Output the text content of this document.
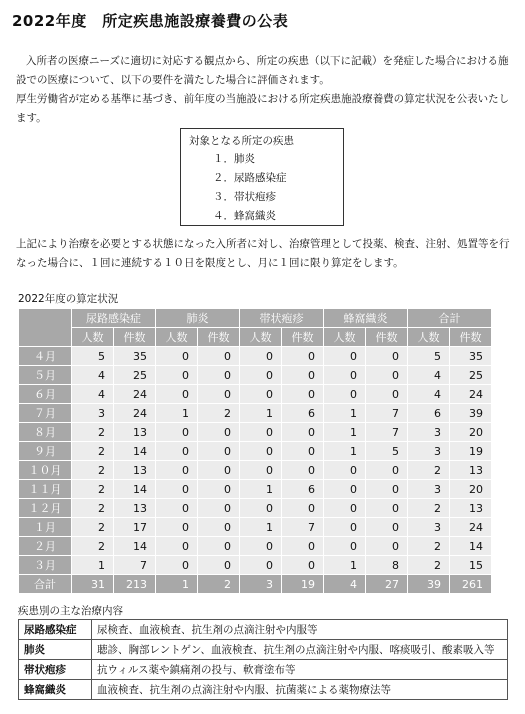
2022年度　所定疾患施設療養費の公表
入所者の医療ニーズに適切に対応する観点から、所定の疾患（以下に記載）を発症した場合における施設での医療について、以下の要件を満たした場合に評価されます。
厚生労働省が定める基準に基づき、前年度の当施設における所定疾患施設療養費の算定状況を公表いたします。
対象となる所定の疾患
１．肺炎
２．尿路感染症
３．帯状疱疹
４．蜂窩織炎
上記により治療を必要とする状態になった入所者に対し、治療管理として投薬、検査、注射、処置等を行なった場合に、１回に連続する１０日を限度とし、月に１回に限り算定をします。
2022年度の算定状況
	尿路感染症		肺炎		帯状疱疹		蜂窩織炎		合計	
	人数	件数	人数	件数	人数	件数	人数	件数	人数	件数
４月	5	35	0	0	0	0	0	0	5	35
５月	4	25	0	0	0	0	0	0	4	25
６月	4	24	0	0	0	0	0	0	4	24
７月	3	24	1	2	1	6	1	7	6	39
８月	2	13	0	0	0	0	1	7	3	20
９月	2	14	0	0	0	0	1	5	3	19
１０月	2	13	0	0	0	0	0	0	2	13
１１月	2	14	0	0	1	6	0	0	3	20
１２月	2	13	0	0	0	0	0	0	2	13
１月	2	17	0	0	1	7	0	0	3	24
２月	2	14	0	0	0	0	0	0	2	14
３月	1	7	0	0	0	0	1	8	2	15
合計	31	213	1	2	3	19	4	27	39	261
疾患別の主な治療内容
尿路感染症	尿検査、血液検査、抗生剤の点滴注射や内服等
肺炎	聴診、胸部レントゲン、血液検査、抗生剤の点滴注射や内服、喀痰吸引、酸素吸入等
帯状疱疹	抗ウィルス薬や鎮痛剤の投与、軟膏塗布等
蜂窩織炎	血液検査、抗生剤の点滴注射や内服、抗菌薬による薬物療法等
